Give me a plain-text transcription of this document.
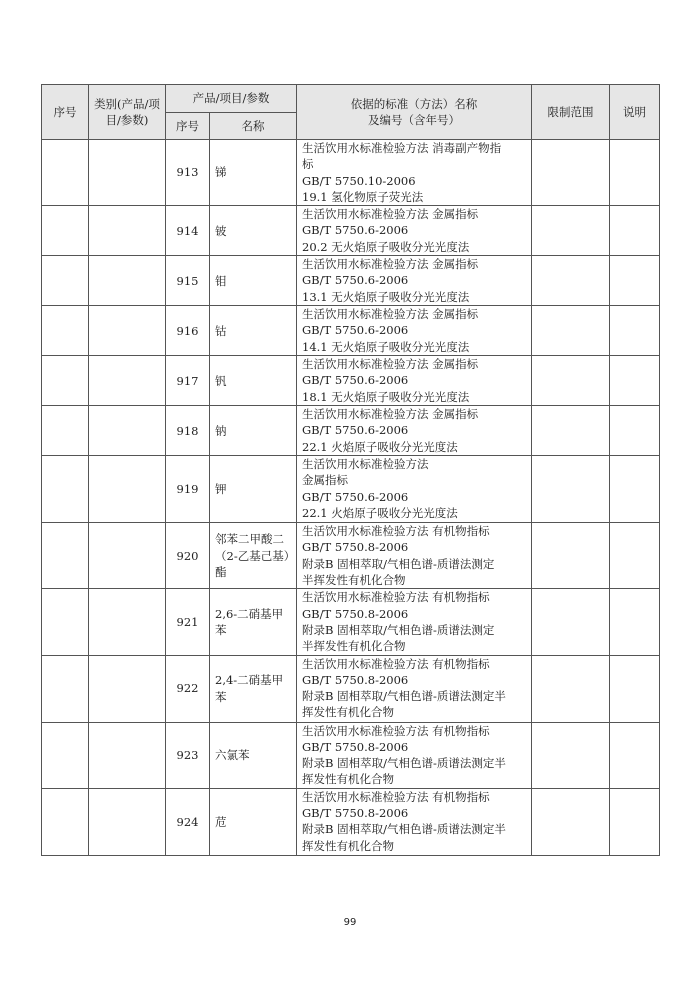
序号	类别(产品/项目/参数)	产品/项目/参数		依据的标准（方法）名称
及编号（含年号）	限制范围	说明
		序号	名称			
		913	锑	生活饮用水标准检验方法 消毒副产物指
标
GB/T 5750.10-2006
19.1 氢化物原子荧光法		

		914	铍	生活饮用水标准检验方法 金属指标
GB/T 5750.6-2006
20.2 无火焰原子吸收分光光度法		

		915	钼	生活饮用水标准检验方法 金属指标
GB/T 5750.6-2006
13.1 无火焰原子吸收分光光度法		

		916	钴	生活饮用水标准检验方法 金属指标
GB/T 5750.6-2006
14.1 无火焰原子吸收分光光度法		

		917	钒	生活饮用水标准检验方法 金属指标
GB/T 5750.6-2006
18.1 无火焰原子吸收分光光度法		

		918	钠	生活饮用水标准检验方法 金属指标
GB/T 5750.6-2006
22.1 火焰原子吸收分光光度法		

		919	钾	生活饮用水标准检验方法
金属指标
GB/T 5750.6-2006
22.1 火焰原子吸收分光光度法		

		920	邻苯二甲酸二（2-乙基己基）酯	生活饮用水标准检验方法 有机物指标
GB/T 5750.8-2006
附录B 固相萃取/气相色谱-质谱法测定
半挥发性有机化合物		

		921	2,6-二硝基甲苯	生活饮用水标准检验方法 有机物指标
GB/T 5750.8-2006
附录B 固相萃取/气相色谱-质谱法测定
半挥发性有机化合物		

		922	2,4-二硝基甲苯	生活饮用水标准检验方法 有机物指标
GB/T 5750.8-2006
附录B 固相萃取/气相色谱-质谱法测定半
挥发性有机化合物		

		923	六氯苯	生活饮用水标准检验方法 有机物指标
GB/T 5750.8-2006
附录B 固相萃取/气相色谱-质谱法测定半
挥发性有机化合物		

		924	苊	生活饮用水标准检验方法 有机物指标
GB/T 5750.8-2006
附录B 固相萃取/气相色谱-质谱法测定半
挥发性有机化合物		

99
